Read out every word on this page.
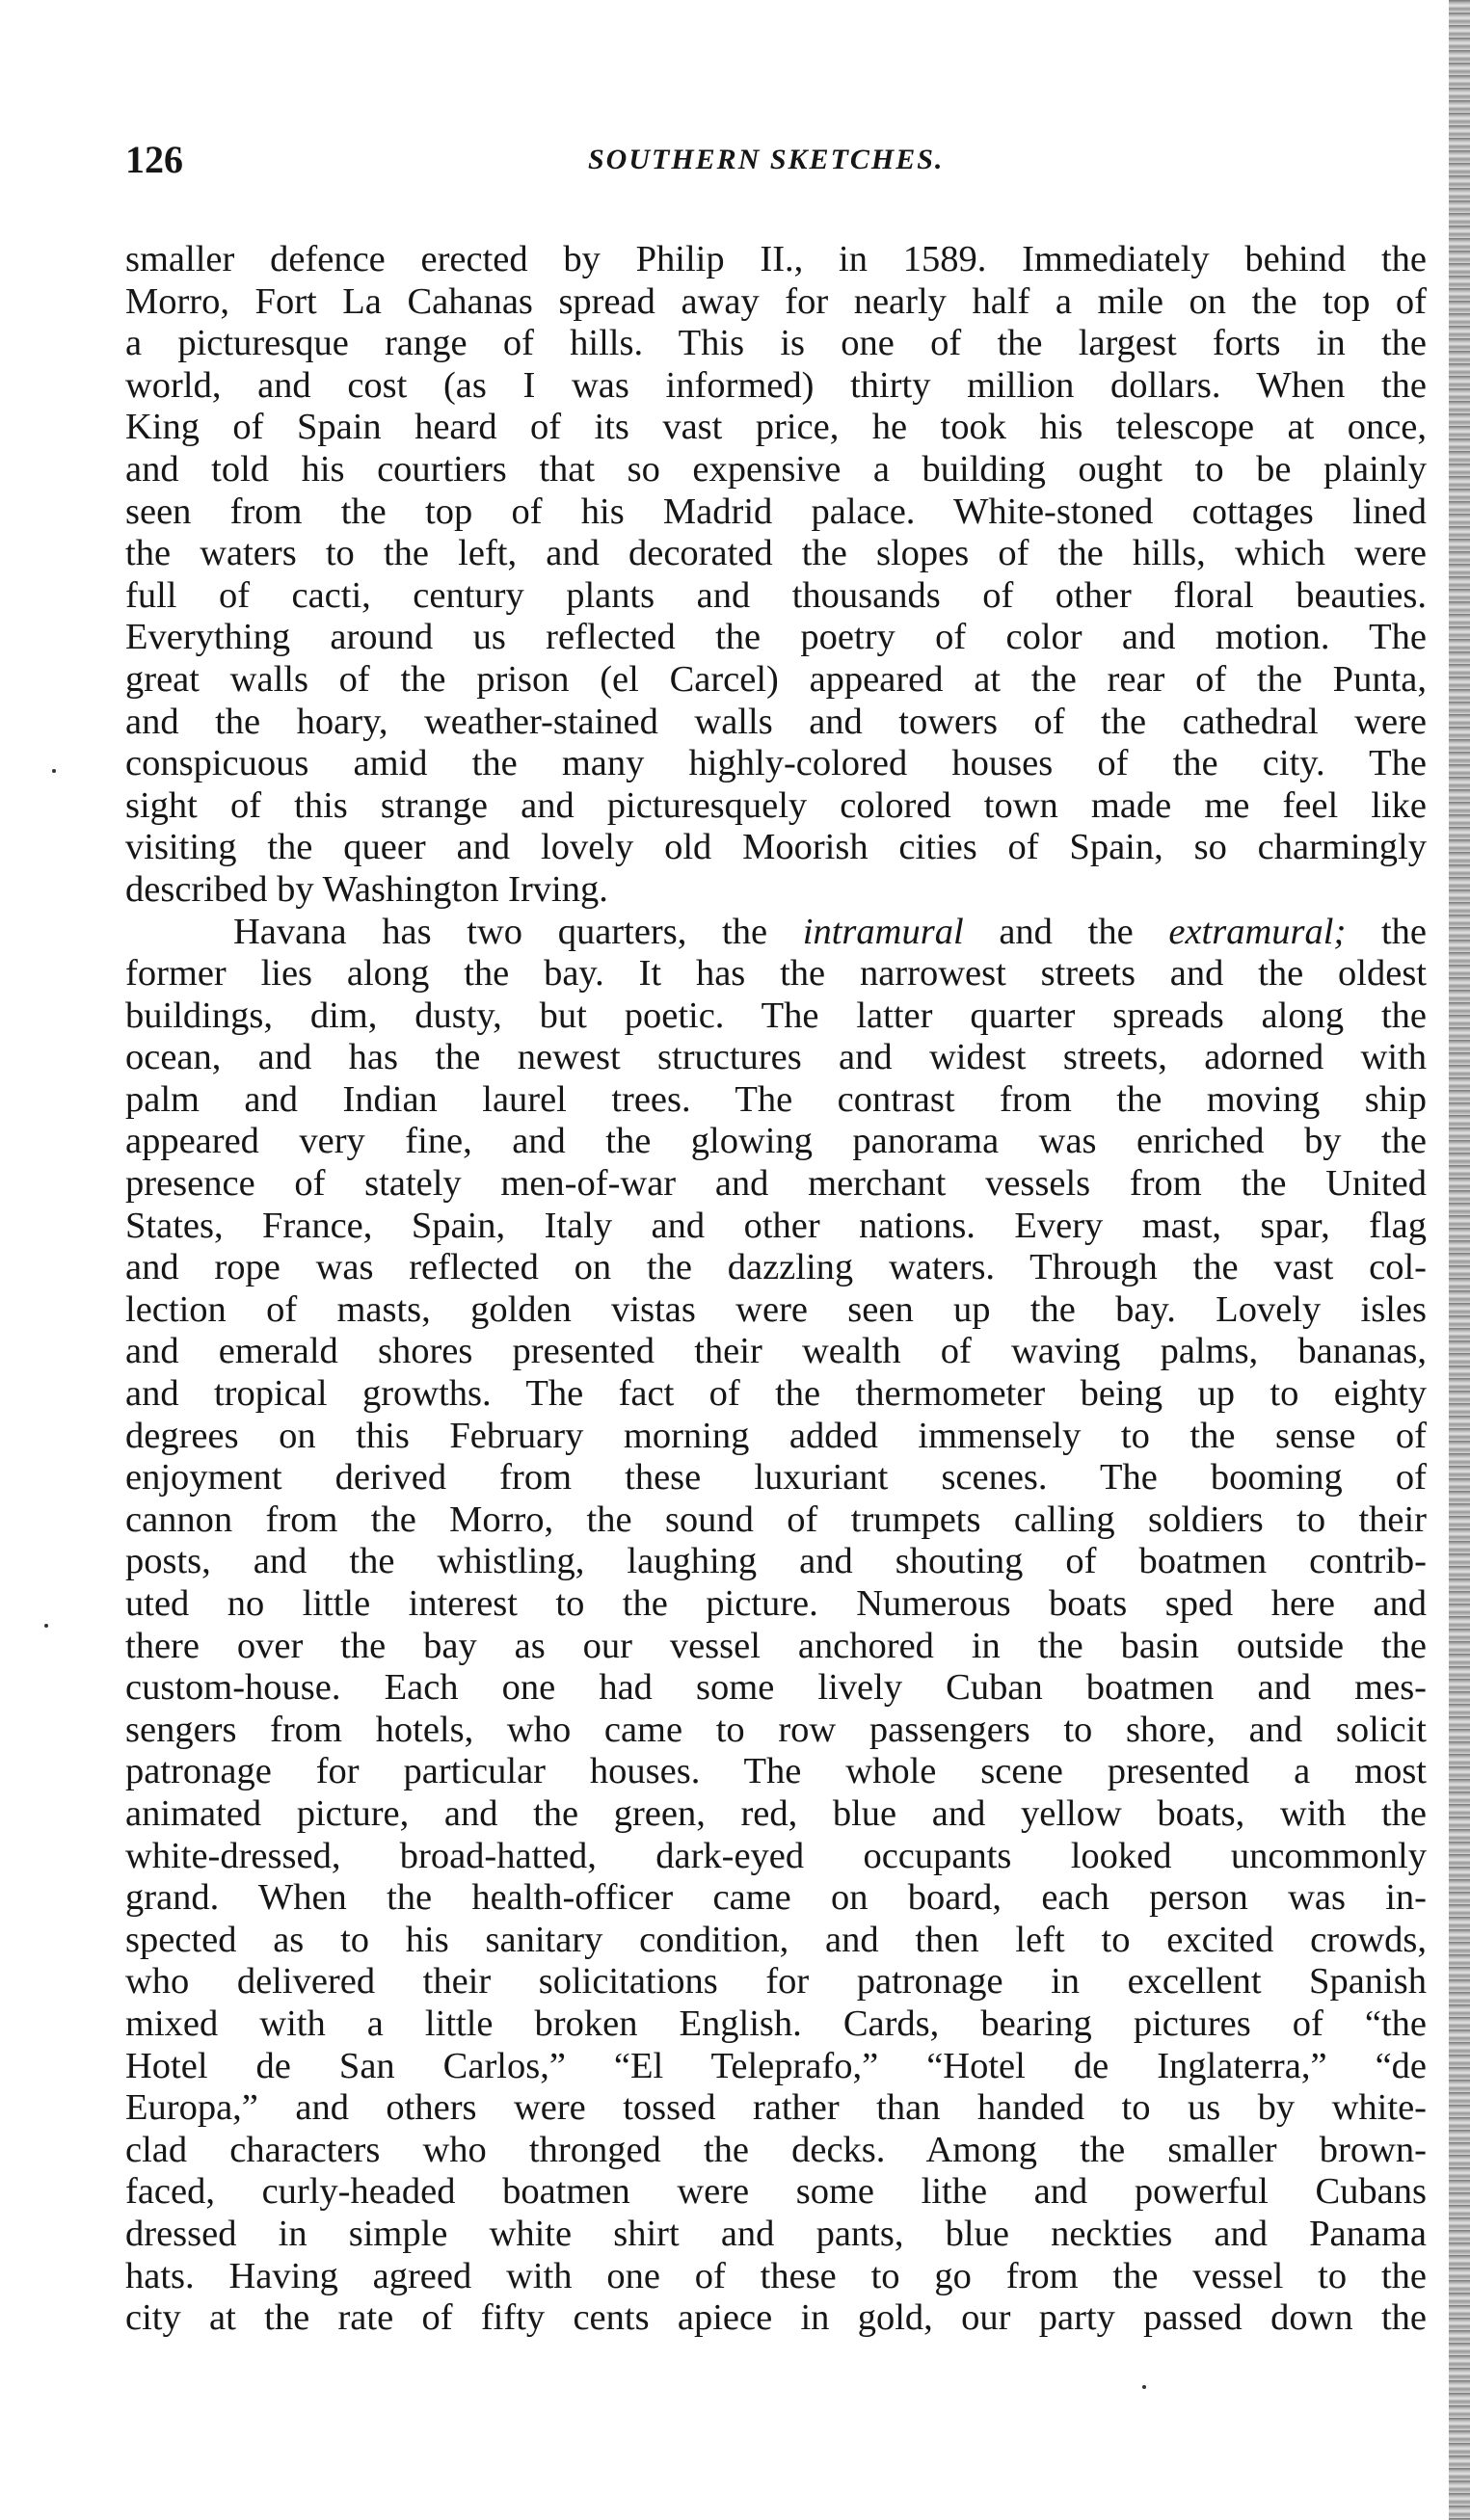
126	SOUTHERN SKETCHES.
smaller defence erected by Philip II., in 1589. Immediately behind the
Morro, Fort La Cahanas spread away for nearly half a mile on the top of
a picturesque range of hills. This is one of the largest forts in the
world, and cost (as I was informed) thirty million dollars. When the
King of Spain heard of its vast price, he took his telescope at once,
and told his courtiers that so expensive a building ought to be plainly
seen from the top of his Madrid palace. White-stoned cottages lined
the waters to the left, and decorated the slopes of the hills, which were
full of cacti, century plants and thousands of other floral beauties.
Everything around us reflected the poetry of color and motion. The
great walls of the prison (el Carcel) appeared at the rear of the Punta,
and the hoary, weather-stained walls and towers of the cathedral were
conspicuous amid the many highly-colored houses of the city. The
sight of this strange and picturesquely colored town made me feel like
visiting the queer and lovely old Moorish cities of Spain, so charmingly
described by Washington Irving.
Havana has two quarters, the intramural and the extramural; the
former lies along the bay. It has the narrowest streets and the oldest
buildings, dim, dusty, but poetic. The latter quarter spreads along the
ocean, and has the newest structures and widest streets, adorned with
palm and Indian laurel trees. The contrast from the moving ship
appeared very fine, and the glowing panorama was enriched by the
presence of stately men-of-war and merchant vessels from the United
States, France, Spain, Italy and other nations. Every mast, spar, flag
and rope was reflected on the dazzling waters. Through the vast col-
lection of masts, golden vistas were seen up the bay. Lovely isles
and emerald shores presented their wealth of waving palms, bananas,
and tropical growths. The fact of the thermometer being up to eighty
degrees on this February morning added immensely to the sense of
enjoyment derived from these luxuriant scenes. The booming of
cannon from the Morro, the sound of trumpets calling soldiers to their
posts, and the whistling, laughing and shouting of boatmen contrib-
uted no little interest to the picture. Numerous boats sped here and
there over the bay as our vessel anchored in the basin outside the
custom-house. Each one had some lively Cuban boatmen and mes-
sengers from hotels, who came to row passengers to shore, and solicit
patronage for particular houses. The whole scene presented a most
animated picture, and the green, red, blue and yellow boats, with the
white-dressed, broad-hatted, dark-eyed occupants looked uncommonly
grand. When the health-officer came on board, each person was in-
spected as to his sanitary condition, and then left to excited crowds,
who delivered their solicitations for patronage in excellent Spanish
mixed with a little broken English. Cards, bearing pictures of “the
Hotel de San Carlos,” “El Teleprafo,” “Hotel de Inglaterra,” “de
Europa,” and others were tossed rather than handed to us by white-
clad characters who thronged the decks. Among the smaller brown-
faced, curly-headed boatmen were some lithe and powerful Cubans
dressed in simple white shirt and pants, blue neckties and Panama
hats. Having agreed with one of these to go from the vessel to the
city at the rate of fifty cents apiece in gold, our party passed down the
